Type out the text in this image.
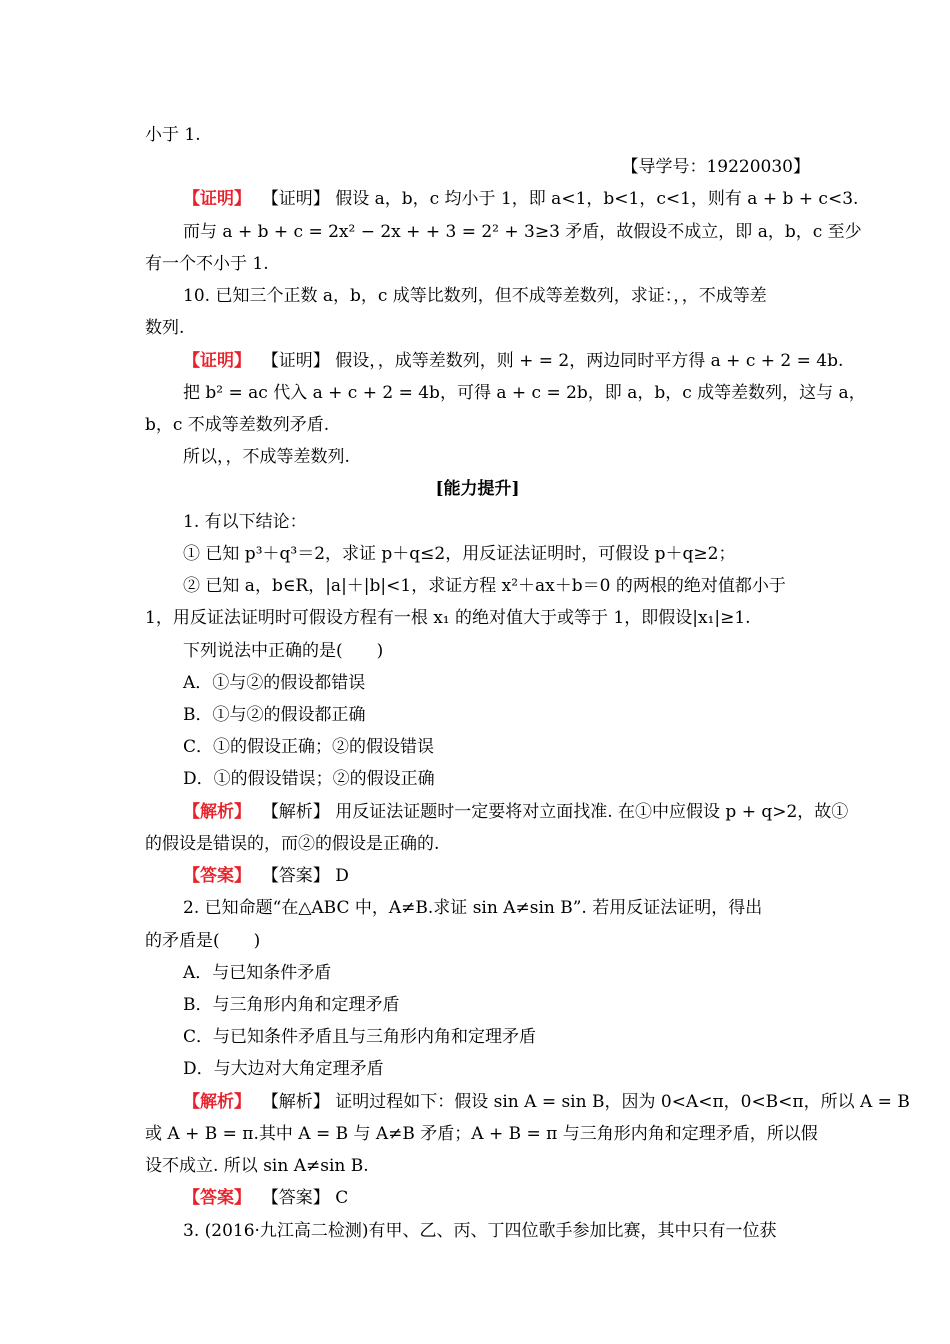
小于 1.
【导学号：19220030】
【证明】 【证明】 假设 a，b，c 均小于 1，即 a<1，b<1，c<1，则有 a + b + c<3.
而与 a + b + c = 2x² − 2x + + 3 = 2² + 3≥3 矛盾，故假设不成立，即 a，b，c 至少
有一个不小于 1.
10. 已知三个正数 a，b，c 成等比数列，但不成等差数列，求证：，，不成等差
数列.
【证明】 【证明】 假设，，成等差数列，则 + = 2，两边同时平方得 a + c + 2 = 4b.
把 b² = ac 代入 a + c + 2 = 4b，可得 a + c = 2b，即 a，b，c 成等差数列，这与 a，
b，c 不成等差数列矛盾.
所以，，不成等差数列.
[能力提升]
1. 有以下结论：
① 已知 p³＋q³＝2，求证 p＋q≤2，用反证法证明时，可假设 p＋q≥2；
② 已知 a，b∈R，|a|＋|b|<1，求证方程 x²＋ax＋b＝0 的两根的绝对值都小于
1，用反证法证明时可假设方程有一根 x₁ 的绝对值大于或等于 1，即假设|x₁|≥1.
下列说法中正确的是(　　)
A．①与②的假设都错误
B．①与②的假设都正确
C．①的假设正确；②的假设错误
D．①的假设错误；②的假设正确
【解析】 【解析】 用反证法证题时一定要将对立面找准. 在①中应假设 p + q>2，故①
的假设是错误的，而②的假设是正确的.
【答案】 【答案】 D
2. 已知命题“在△ABC 中，A≠B.求证 sin A≠sin B”. 若用反证法证明，得出
的矛盾是(　　)
A．与已知条件矛盾
B．与三角形内角和定理矛盾
C．与已知条件矛盾且与三角形内角和定理矛盾
D．与大边对大角定理矛盾
【解析】 【解析】 证明过程如下：假设 sin A = sin B，因为 0<A<π，0<B<π，所以 A = B
或 A + B = π.其中 A = B 与 A≠B 矛盾；A + B = π 与三角形内角和定理矛盾，所以假
设不成立. 所以 sin A≠sin B.
【答案】 【答案】 C
3. (2016·九江高二检测)有甲、乙、丙、丁四位歌手参加比赛，其中只有一位获
